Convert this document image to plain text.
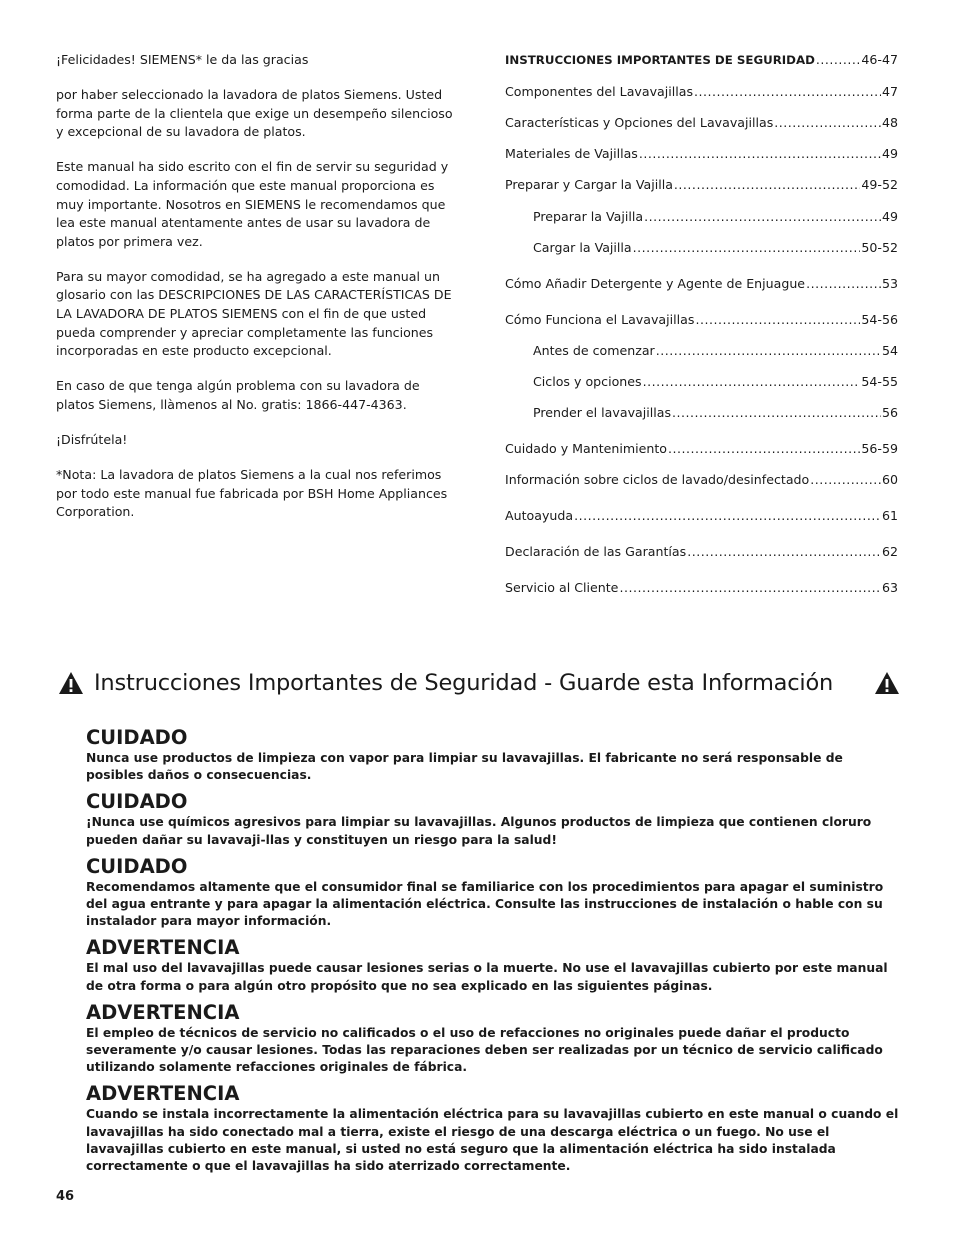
¡Felicidades! SIEMENS* le da las gracias

por haber seleccionado la lavadora de platos Siemens. Usted forma parte de la clientela que exige un desempeño silencioso y excepcional de su lavadora de platos.

Este manual ha sido escrito con el fin de servir su seguridad y comodidad. La información que este manual proporciona es muy importante. Nosotros en SIEMENS le recomendamos que lea este manual atentamente antes de usar su lavadora de platos por primera vez.

Para su mayor comodidad, se ha agregado a este manual un glosario con las DESCRIPCIONES DE LAS CARACTERÍSTICAS DE LA LAVADORA DE PLATOS SIEMENS con el fin de que usted pueda comprender y apreciar completamente las funciones incorporadas en este producto excepcional.

En caso de que tenga algún problema con su lavadora de platos Siemens, llàmenos al No. gratis: 1866-447-4363.

¡Disfrútela!

*Nota: La lavadora de platos Siemens a la cual nos referimos por todo este manual fue fabricada por BSH Home Appliances Corporation.

INSTRUCCIONES IMPORTANTES DE SEGURIDAD .....	46-47
Componentes del Lavavajillas .....	47
Características y Opciones del Lavavajillas .....	48
Materiales de Vajillas .....	49
Preparar y Cargar la Vajilla .....	49-52
Preparar la Vajilla .....	49
Cargar la Vajilla .....	50-52
Cómo Añadir Detergente y Agente de Enjuague .....	53
Cómo Funciona el Lavavajillas .....	54-56
Antes de comenzar .....	54
Ciclos y opciones .....	54-55
Prender el lavavajillas .....	56
Cuidado y Mantenimiento .....	56-59
Información sobre ciclos de lavado/desinfectado .....	60
Autoayuda .....	61
Declaración de las Garantías .....	62
Servicio al Cliente .....	63
Instrucciones Importantes de Seguridad - Guarde esta Información
CUIDADO

Nunca use productos de limpieza con vapor para limpiar su lavavajillas. El fabricante no será responsable de posibles daños o consecuencias.

CUIDADO

¡Nunca use químicos agresivos para limpiar su lavavajillas. Algunos productos de limpieza que contienen cloruro pueden dañar su lavavaji-llas y constituyen un riesgo para la salud!

CUIDADO

Recomendamos altamente que el consumidor final se familiarice con los procedimientos para apagar el suministro del agua entrante y para apagar la alimentación eléctrica. Consulte las instrucciones de instalación o hable con su instalador para mayor información.

ADVERTENCIA

El mal uso del lavavajillas puede causar lesiones serias o la muerte. No use el lavavajillas cubierto por este manual de otra forma o para algún otro propósito que no sea explicado en las siguientes páginas.

ADVERTENCIA

El empleo de técnicos de servicio no calificados o el uso de refacciones no originales puede dañar el producto severamente y/o causar lesiones. Todas las reparaciones deben ser realizadas por un técnico de servicio calificado utilizando solamente refacciones originales de fábrica.

ADVERTENCIA

Cuando se instala incorrectamente la alimentación eléctrica para su lavavajillas cubierto en este manual o cuando el lavavajillas ha sido conectado mal a tierra, existe el riesgo de una descarga eléctrica o un fuego. No use el lavavajillas cubierto en este manual, si usted no está seguro que la alimentación eléctrica ha sido instalada correctamente o que el lavavajillas ha sido aterrizado correctamente.

46
